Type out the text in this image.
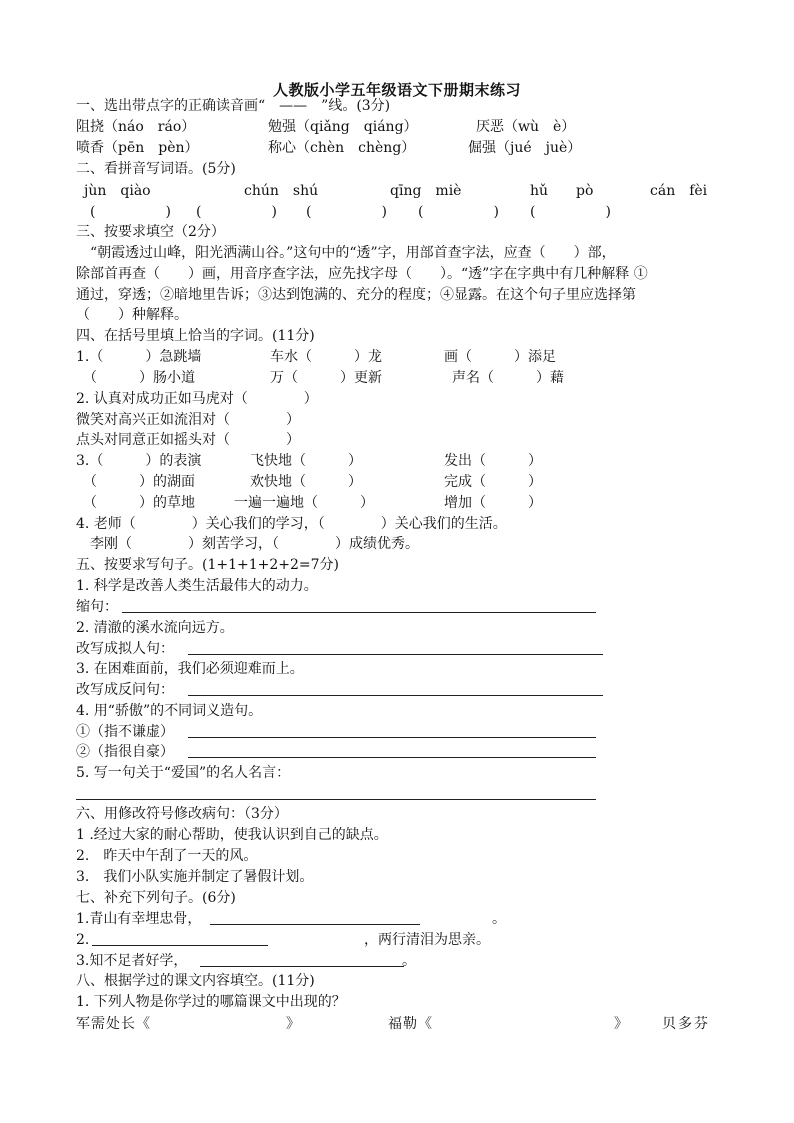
人教版小学五年级语文下册期末练习
一、选出带点字的正确读音画“　——　”线。(3分)
阻挠（náo　ráo）	勉强（qiǎng　qiáng）	厌恶（wù　è）
喷香（pēn　pèn）	称心（chèn　chèng）	倔强（jué　juè）
二、看拼音写词语。(5分)
jùn　qiào	chún　shú	qīng　miè	hǔ　　pò	cán　fèi
(　　　　　) (　　　　　) (　　　　　) (　　　　　) (　　　　　)
三、按要求填空（2分）
　“朝霞透过山峰，阳光洒满山谷。”这句中的“透”字，用部首查字法，应查（　　）部，
除部首再查（　　）画，用音序查字法，应先找字母（　　）。“透”字在字典中有几种解释 ①
通过，穿透；②暗地里告诉；③达到饱满的、充分的程度；④显露。在这个句子里应选择第
（　　）种解释。
四、在括号里填上恰当的字词。(11分)
1.（　　　）急跳墙	车水（　　　）龙	画（　　　）添足
　（　　　）肠小道	万（　　　）更新	声名（　　　）藉
2. 认真对成功正如马虎对（　　　　）
微笑对高兴正如流泪对（　　　　）
点头对同意正如摇头对（　　　　）
3.（　　　）的表演	飞快地（　　　）	发出（　　　）
　（　　　）的湖面	欢快地（　　　）	完成（　　　）
　（　　　）的草地	一遍一遍地（　　　）	增加（　　　）
4. 老师（　　　　）关心我们的学习，（　　　　）关心我们的生活。
　李刚（　　　　）刻苦学习，（　　　　）成绩优秀。
五、按要求写句子。(1+1+1+2+2=7分)
1. 科学是改善人类生活最伟大的动力。
缩句：
2. 清澈的溪水流向远方。
改写成拟人句：
3. 在困难面前，我们必须迎难而上。
改写成反问句：
4. 用“骄傲”的不同词义造句。
①（指不谦虚）
②（指很自豪）
5. 写一句关于“爱国”的名人名言：
六、用修改符号修改病句：（3分）
1 .经过大家的耐心帮助，使我认识到自己的缺点。
2.　昨天中午刮了一天的风。
3.　我们小队实施并制定了暑假计划。
七、补充下列句子。(6分)
1.青山有幸埋忠骨，	。
2.	，两行清泪为思亲。
3.知不足者好学，	。
八、根据学过的课文内容填空。(11分)
1. 下列人物是你学过的哪篇课文中出现的？
军需处长《	》	福勒《	》 贝多芬
